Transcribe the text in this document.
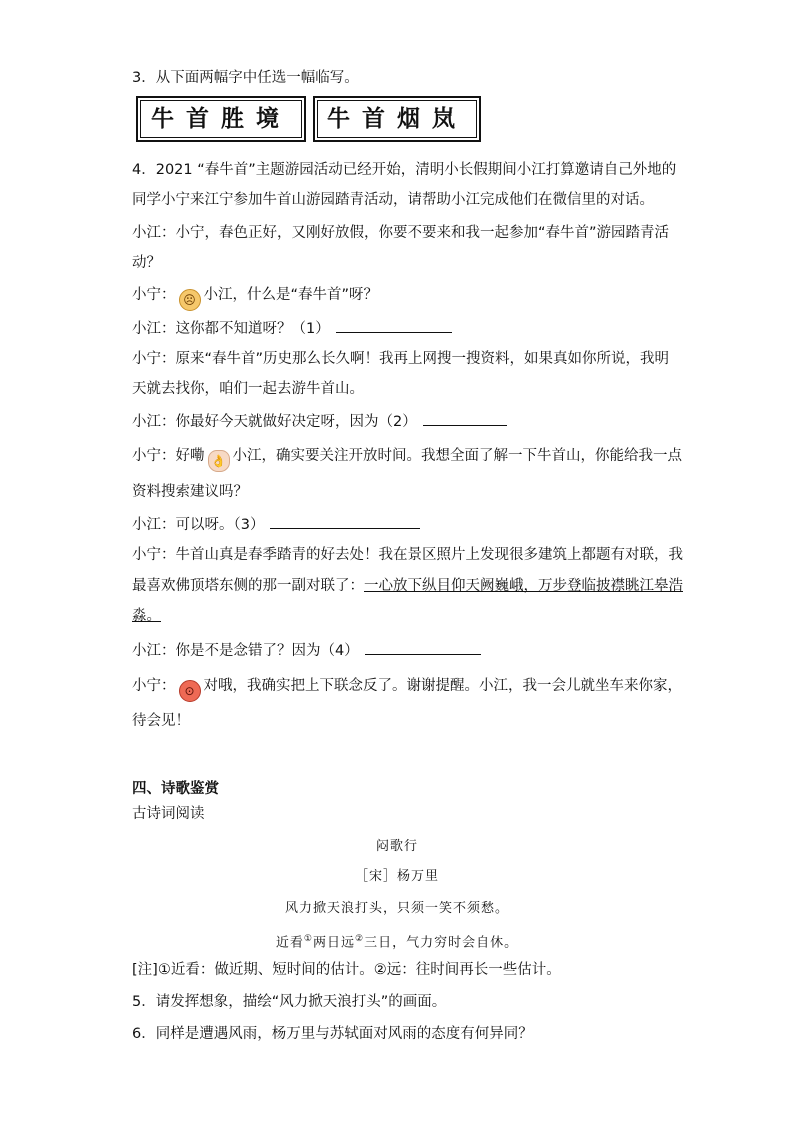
3．从下面两幅字中任选一幅临写。
牛首胜境	牛首烟岚
4．2021 “春牛首”主题游园活动已经开始，清明小长假期间小江打算邀请自己外地的
同学小宁来江宁参加牛首山游园踏青活动，请帮助小江完成他们在微信里的对话。
小江：小宁，春色正好，又刚好放假，你要不要来和我一起参加“春牛首”游园踏青活
动？
小宁： ☹ 小江，什么是“春牛首”呀？
小江：这你都不知道呀？（1）
小宁：原来“春牛首”历史那么长久啊！我再上网搜一搜资料，如果真如你所说，我明
天就去找你，咱们一起去游牛首山。
小江：你最好今天就做好决定呀，因为（2）
小宁：好嘞 👌 小江，确实要关注开放时间。我想全面了解一下牛首山，你能给我一点
资料搜索建议吗？
小江：可以呀。（3）
小宁：牛首山真是春季踏青的好去处！我在景区照片上发现很多建筑上都题有对联，我
最喜欢佛顶塔东侧的那一副对联了：一心放下纵目仰天阙巍峨，万步登临披襟眺江皋浩
淼。
小江：你是不是念错了？因为（4）
小宁： ⊙ 对哦，我确实把上下联念反了。谢谢提醒。小江，我一会儿就坐车来你家，
待会见！
四、诗歌鉴赏
古诗词阅读
闷歌行
［宋］杨万里
风力掀天浪打头，只须一笑不须愁。
近看①两日远②三日，气力穷时会自休。
[注]①近看：做近期、短时间的估计。②远：往时间再长一些估计。
5．请发挥想象，描绘“风力掀天浪打头”的画面。
6．同样是遭遇风雨，杨万里与苏轼面对风雨的态度有何异同？
